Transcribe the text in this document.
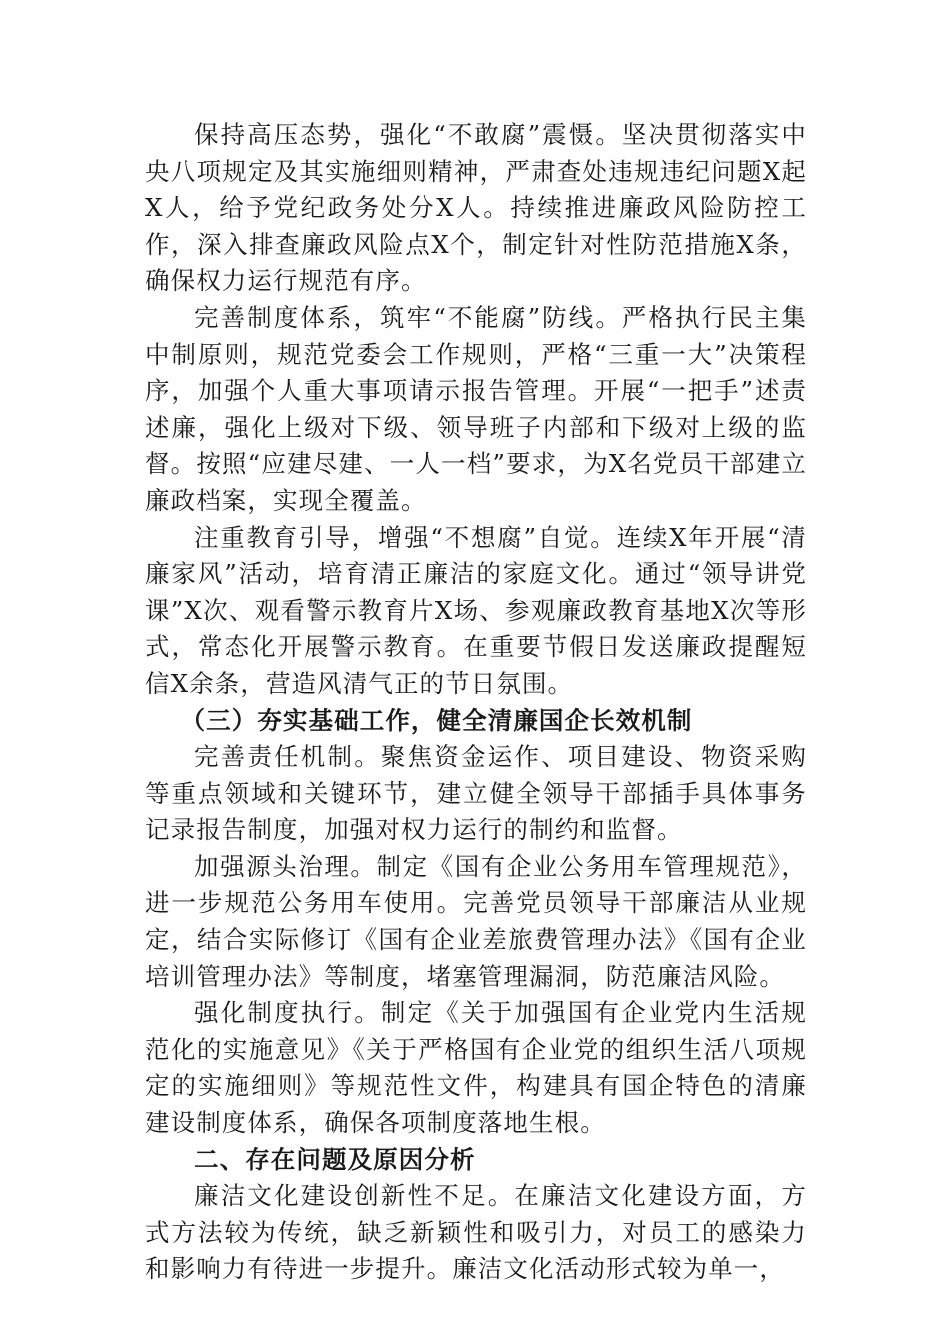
保持高压态势，强化“不敢腐”震慑。坚决贯彻落实中央八项规定及其实施细则精神，严肃查处违规违纪问题X起X人，给予党纪政务处分X人。持续推进廉政风险防控工作，深入排查廉政风险点X个，制定针对性防范措施X条，确保权力运行规范有序。

完善制度体系，筑牢“不能腐”防线。严格执行民主集中制原则，规范党委会工作规则，严格“三重一大”决策程序，加强个人重大事项请示报告管理。开展“一把手”述责述廉，强化上级对下级、领导班子内部和下级对上级的监督。按照“应建尽建、一人一档”要求，为X名党员干部建立廉政档案，实现全覆盖。

注重教育引导，增强“不想腐”自觉。连续X年开展“清廉家风”活动，培育清正廉洁的家庭文化。通过“领导讲党课”X次、观看警示教育片X场、参观廉政教育基地X次等形式，常态化开展警示教育。在重要节假日发送廉政提醒短信X余条，营造风清气正的节日氛围。

（三）夯实基础工作，健全清廉国企长效机制

完善责任机制。聚焦资金运作、项目建设、物资采购等重点领域和关键环节，建立健全领导干部插手具体事务记录报告制度，加强对权力运行的制约和监督。

加强源头治理。制定《国有企业公务用车管理规范》，进一步规范公务用车使用。完善党员领导干部廉洁从业规定，结合实际修订《国有企业差旅费管理办法》《国有企业培训管理办法》等制度，堵塞管理漏洞，防范廉洁风险。

强化制度执行。制定《关于加强国有企业党内生活规范化的实施意见》《关于严格国有企业党的组织生活八项规定的实施细则》等规范性文件，构建具有国企特色的清廉建设制度体系，确保各项制度落地生根。

二、存在问题及原因分析

廉洁文化建设创新性不足。在廉洁文化建设方面，方式方法较为传统，缺乏新颖性和吸引力，对员工的感染力和影响力有待进一步提升。廉洁文化活动形式较为单一，
